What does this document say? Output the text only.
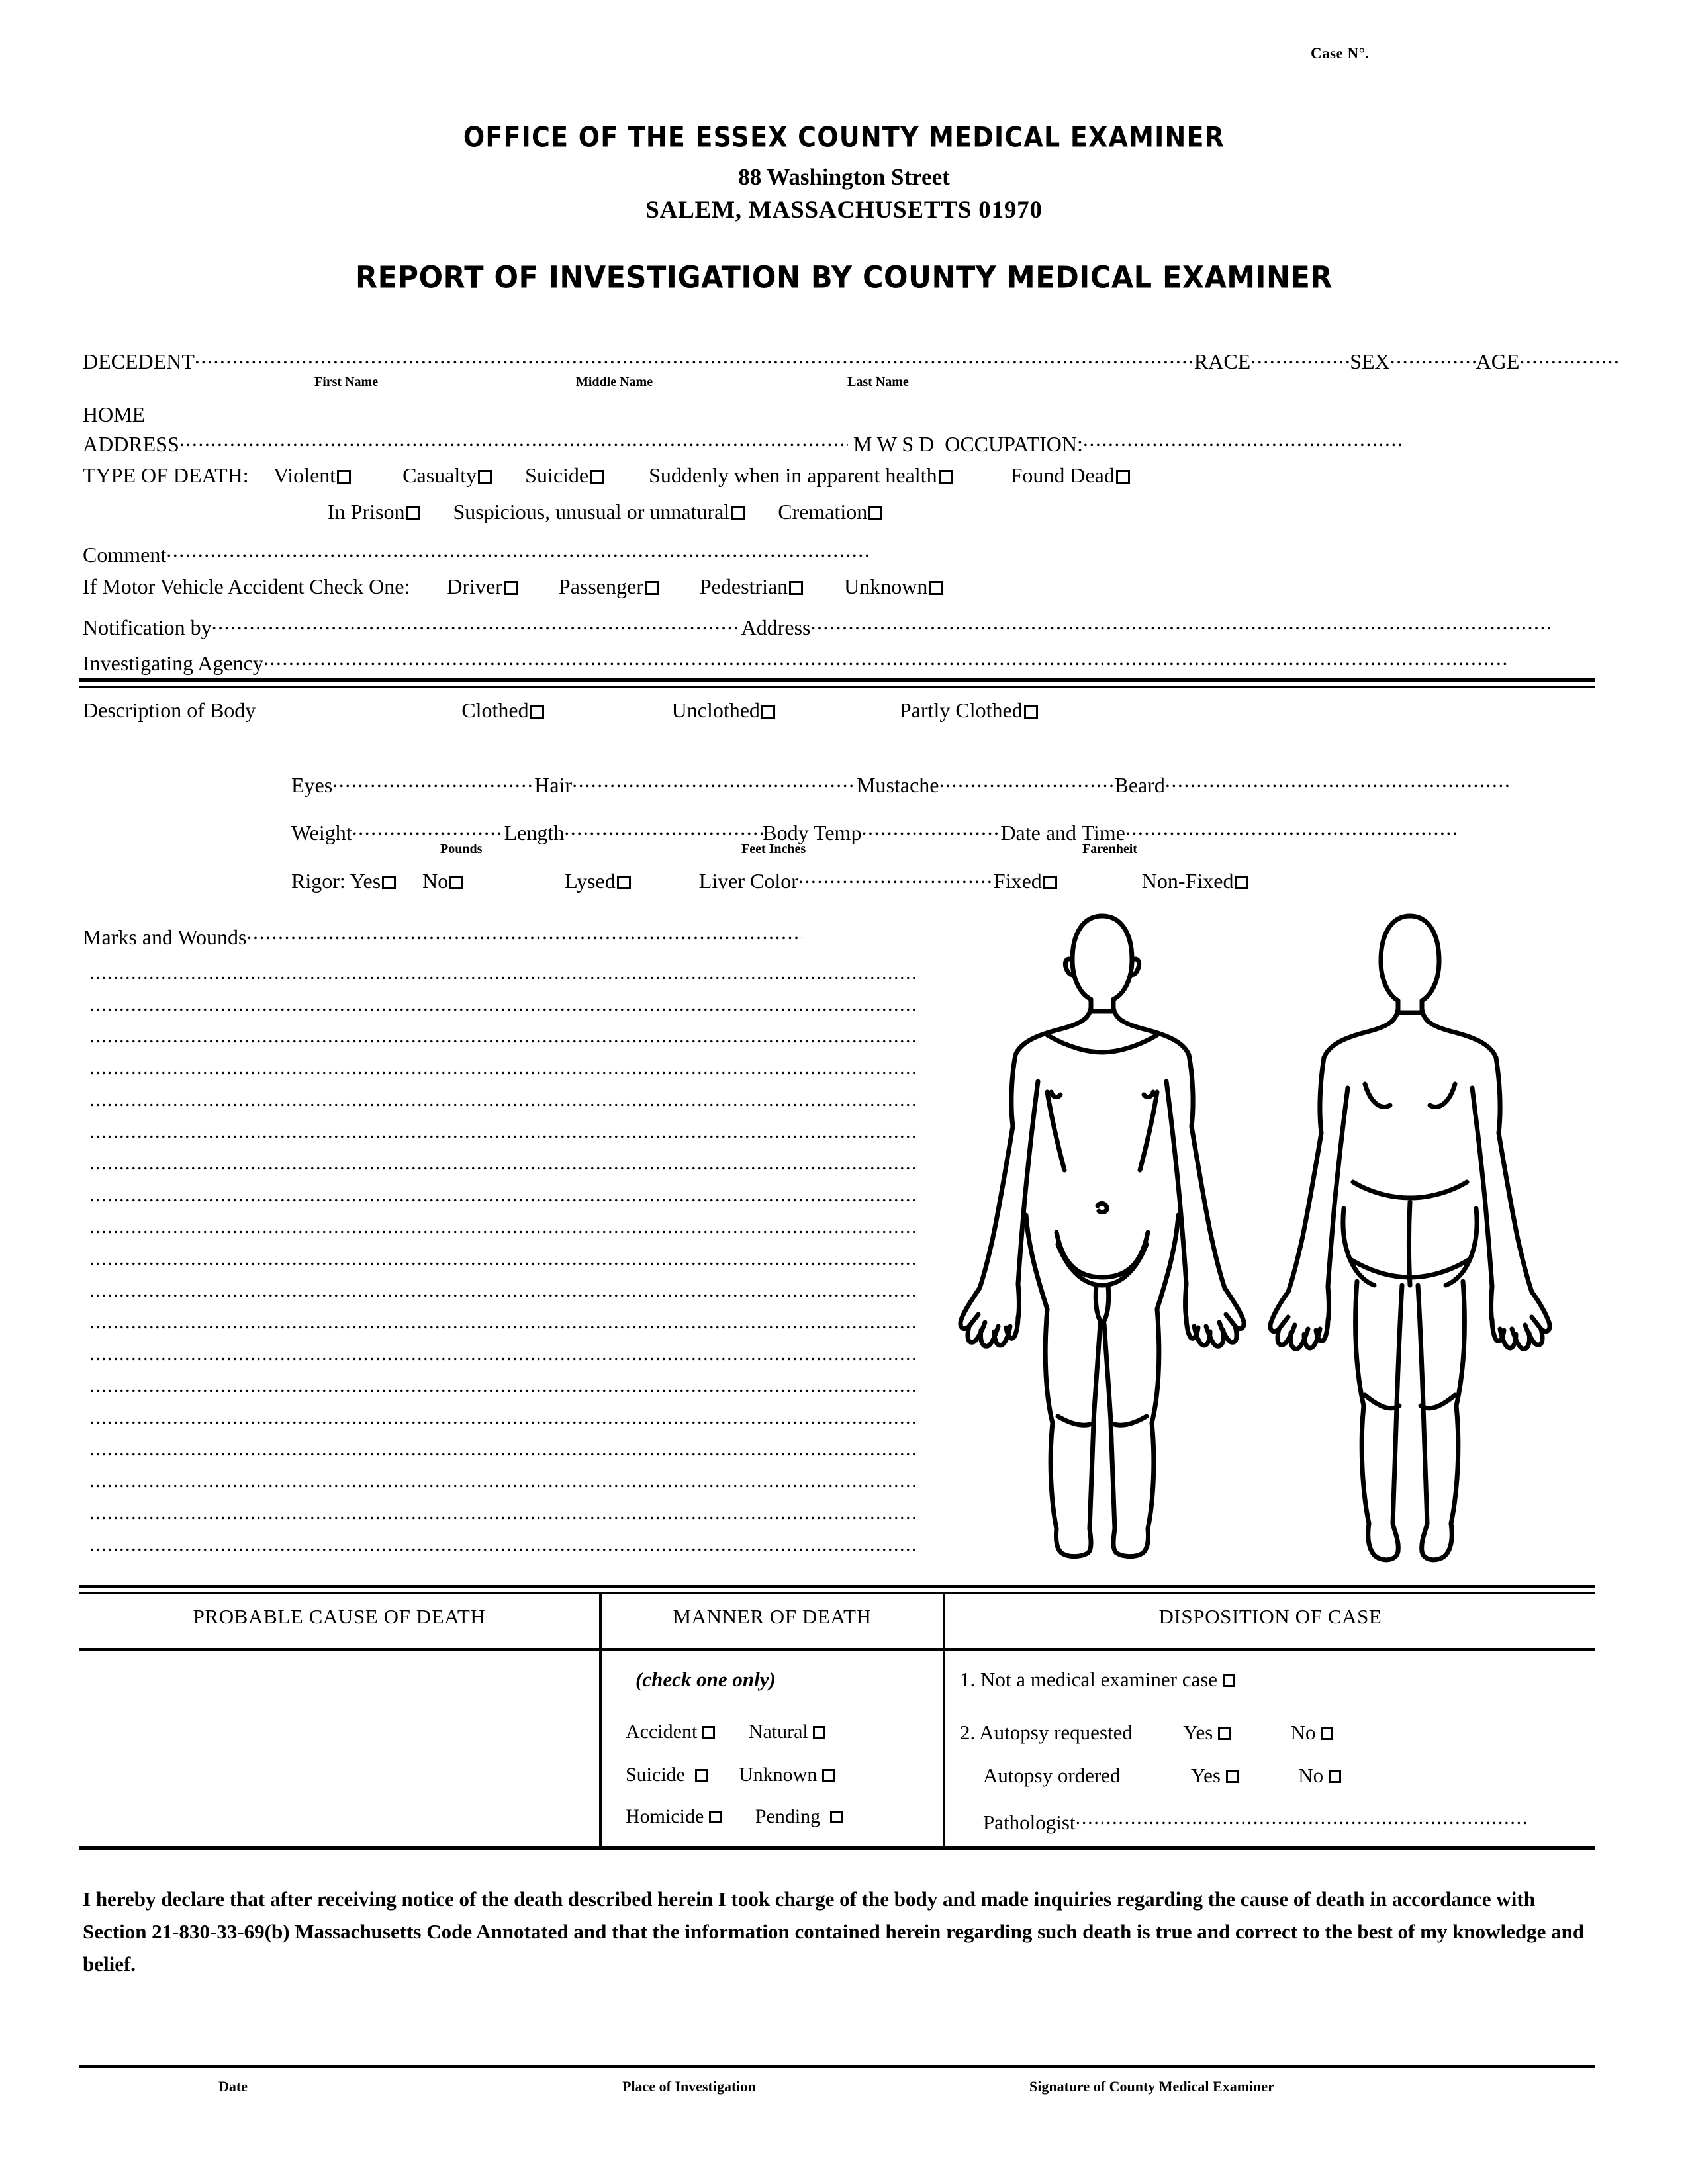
Case N°.
OFFICE OF THE ESSEX COUNTY MEDICAL EXAMINER
88 Washington Street
SALEM, MASSACHUSETTS 01970
REPORT OF INVESTIGATION BY COUNTY MEDICAL EXAMINER
DECEDENT .....	RACE .....	SEX .....	AGE.....
First Name	Middle Name	Last Name
HOME
ADDRESS .....	M W S D OCCUPATION:.....
TYPE OF DEATH: Violent	Casualty Suicide	Suddenly when in apparent health	Found Dead
In Prison Suspicious, unusual or unnatural Cremation
Comment.....
If Motor Vehicle Accident Check One: Driver	Passenger	Pedestrian	Unknown
Notification by .....	Address.....
Investigating Agency.....
Description of Body	Clothed	Unclothed	Partly Clothed
Eyes .....	Hair .....	Mustache .....	Beard.....
Weight .....	Length .....	Body Temp .....	Date and Time.....
Pounds	Feet Inches	Farenheit
Rigor: Yes No	Lysed	Liver Color .....	Fixed	Non-Fixed
Marks and Wounds.....
.....
.....
.....
.....
.....
.....
.....
.....
.....
.....
.....
.....
.....
.....
.....
.....
.....
.....
.....
PROBABLE CAUSE OF DEATH	MANNER OF DEATH	DISPOSITION OF CASE
(check one only)
Accident	Natural
Suicide	Unknown
Homicide	Pending
1. Not a medical examiner case
2. Autopsy requested Yes	No
Autopsy ordered	Yes	No
Pathologist.....
I hereby declare that after receiving notice of the death described herein I took charge of the body and made inquiries regarding the cause of death in accordance with Section 21-830-33-69(b) Massachusetts Code Annotated and that the information contained herein regarding such death is true and correct to the best of my knowledge and belief.
Date	Place of Investigation	Signature of County Medical Examiner
